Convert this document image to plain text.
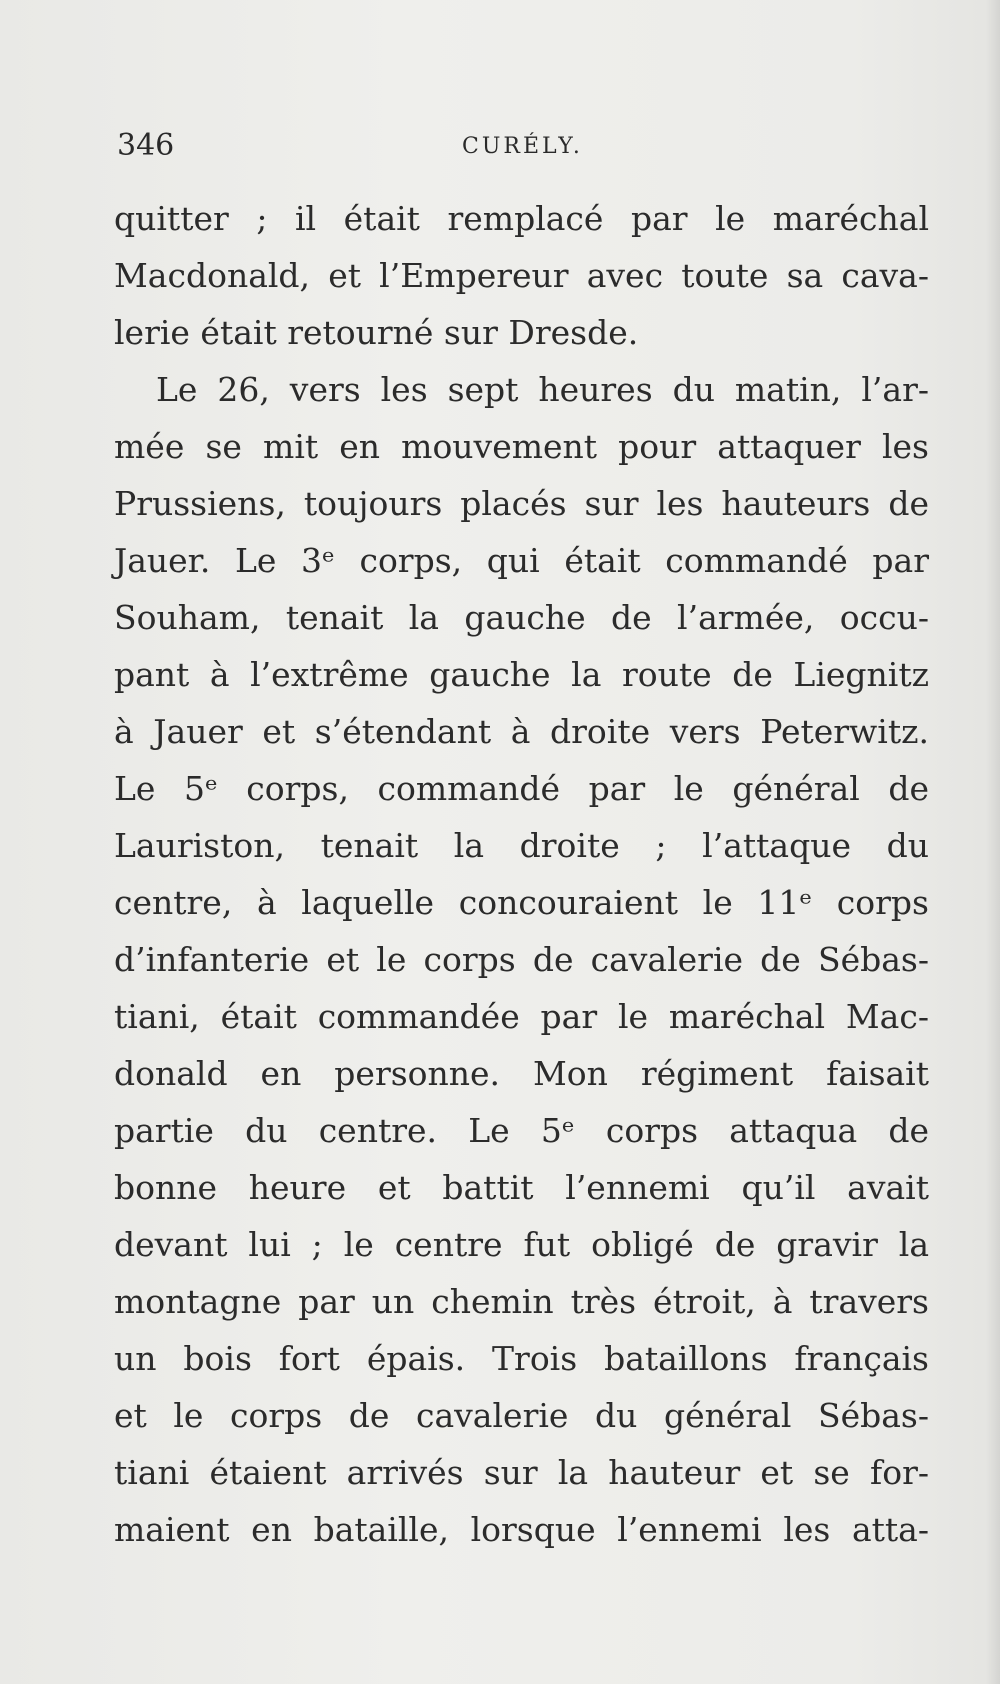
346	CURÉLY.
quitter ; il était remplacé par le maréchal
Macdonald, et l’Empereur avec toute sa cava-
lerie était retourné sur Dresde.
Le 26, vers les sept heures du matin, l’ar-
mée se mit en mouvement pour attaquer les
Prussiens, toujours placés sur les hauteurs de
Jauer. Le 3ᵉ corps, qui était commandé par
Souham, tenait la gauche de l’armée, occu-
pant à l’extrême gauche la route de Liegnitz
à Jauer et s’étendant à droite vers Peterwitz.
Le 5ᵉ corps, commandé par le général de
Lauriston, tenait la droite ; l’attaque du
centre, à laquelle concouraient le 11ᵉ corps
d’infanterie et le corps de cavalerie de Sébas-
tiani, était commandée par le maréchal Mac-
donald en personne. Mon régiment faisait
partie du centre. Le 5ᵉ corps attaqua de
bonne heure et battit l’ennemi qu’il avait
devant lui ; le centre fut obligé de gravir la
montagne par un chemin très étroit, à travers
un bois fort épais. Trois bataillons français
et le corps de cavalerie du général Sébas-
tiani étaient arrivés sur la hauteur et se for-
maient en bataille, lorsque l’ennemi les atta-
